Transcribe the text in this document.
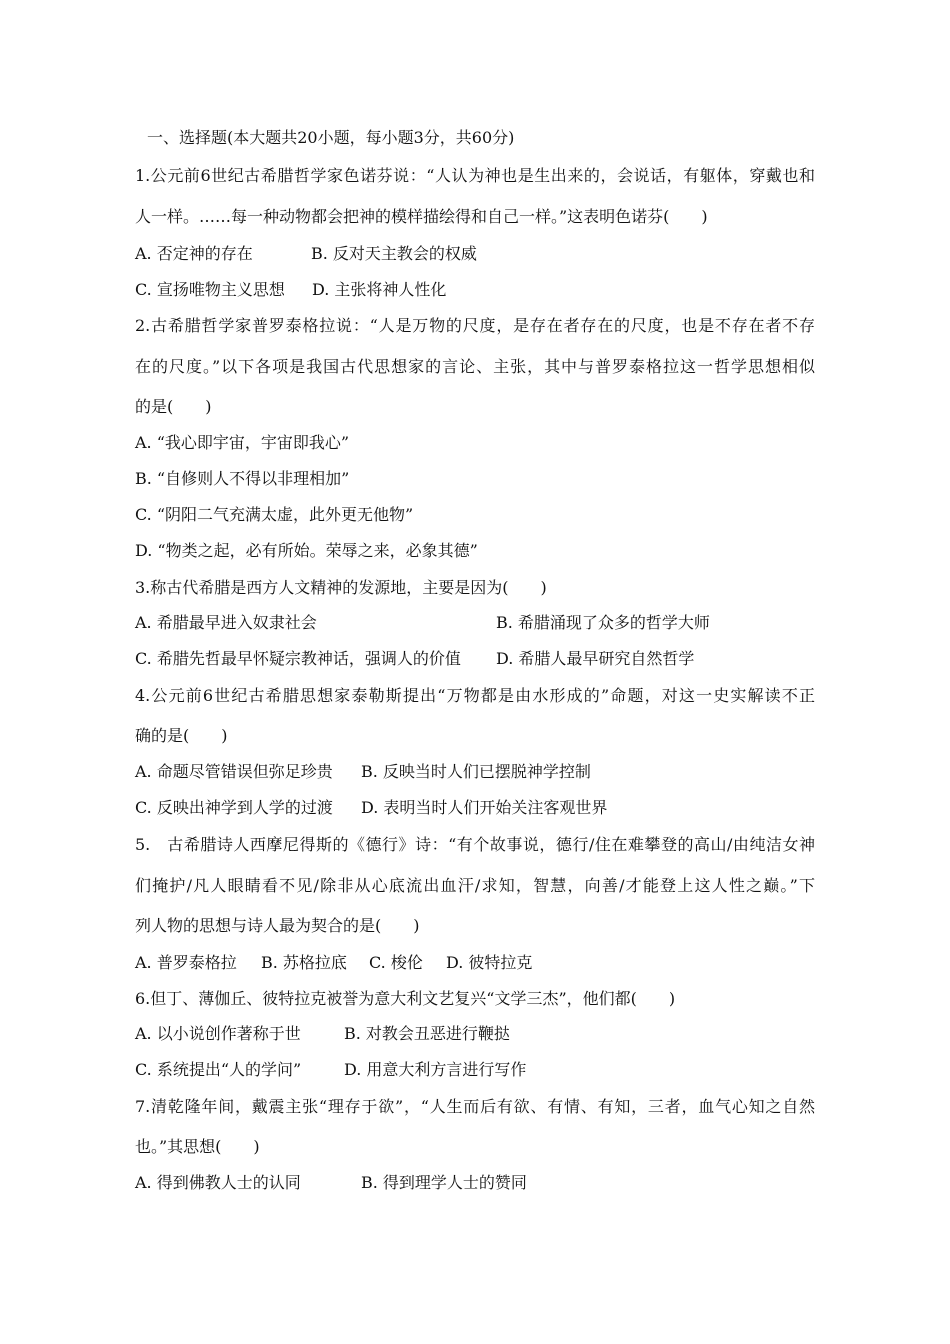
一、选择题(本大题共20小题，每小题3分，共60分)
1.公元前6世纪古希腊哲学家色诺芬说：“人认为神也是生出来的，会说话，有躯体，穿戴也和
人一样。……每一种动物都会把神的模样描绘得和自己一样。”这表明色诺芬(　　)
A. 否定神的存在	B. 反对天主教会的权威
C. 宣扬唯物主义思想 D. 主张将神人性化
2.古希腊哲学家普罗泰格拉说：“人是万物的尺度，是存在者存在的尺度，也是不存在者不存
在的尺度。”以下各项是我国古代思想家的言论、主张，其中与普罗泰格拉这一哲学思想相似
的是(　　)
A. “我心即宇宙，宇宙即我心”
B. “自修则人不得以非理相加”
C. “阴阳二气充满太虚，此外更无他物”
D. “物类之起，必有所始。荣辱之来，必象其德”
3.称古代希腊是西方人文精神的发源地，主要是因为(　　)
A. 希腊最早进入奴隶社会	B. 希腊涌现了众多的哲学大师
C. 希腊先哲最早怀疑宗教神话，强调人的价值 D. 希腊人最早研究自然哲学
4.公元前6世纪古希腊思想家泰勒斯提出“万物都是由水形成的”命题，对这一史实解读不正
确的是(　　)
A. 命题尽管错误但弥足珍贵 B. 反映当时人们已摆脱神学控制
C. 反映出神学到人学的过渡 D. 表明当时人们开始关注客观世界
5.　古希腊诗人西摩尼得斯的《德行》诗：“有个故事说，德行/住在难攀登的高山/由纯洁女神
们掩护/凡人眼睛看不见/除非从心底流出血汗/求知，智慧，向善/才能登上这人性之巅。”下
列人物的思想与诗人最为契合的是(　　)
A. 普罗泰格拉 B. 苏格拉底 C. 梭伦 D. 彼特拉克
6.但丁、薄伽丘、彼特拉克被誉为意大利文艺复兴“文学三杰”，他们都(　　)
A. 以小说创作著称于世	B. 对教会丑恶进行鞭挞
C. 系统提出“人的学问”	D. 用意大利方言进行写作
7.清乾隆年间，戴震主张“理存于欲”，“人生而后有欲、有情、有知，三者，血气心知之自然
也。”其思想(　　)
A. 得到佛教人士的认同	B. 得到理学人士的赞同
